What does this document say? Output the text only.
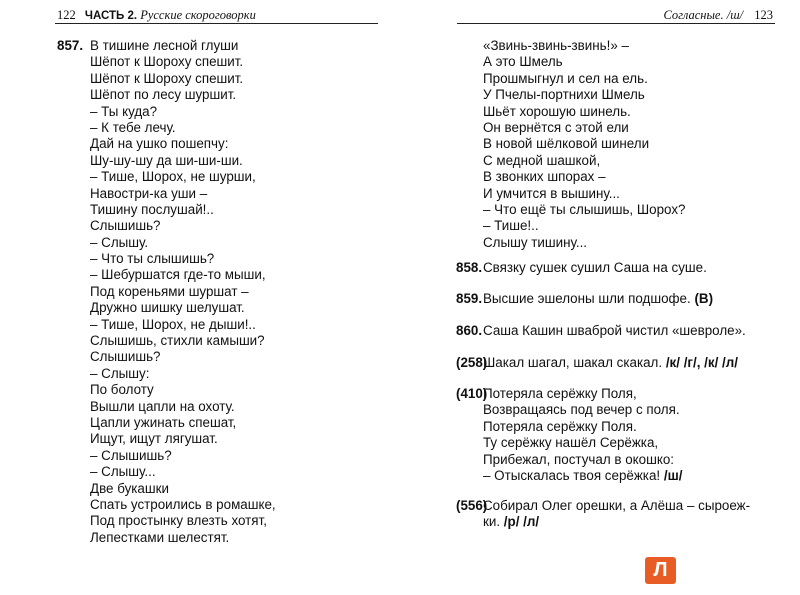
122 ЧАСТЬ 2. Русские скороговорки
857. В тишине лесной глуши
Шёпот к Шороху спешит.
Шёпот к Шороху спешит.
Шёпот по лесу шуршит.
– Ты куда?
– К тебе лечу.
Дай на ушко пошепчу:
Шу-шу-шу да ши-ши-ши.
– Тише, Шорох, не шурши,
Навостри-ка уши –
Тишину послушай!..
Слышишь?
– Слышу.
– Что ты слышишь?
– Шебуршатся где-то мыши,
Под кореньями шуршат –
Дружно шишку шелушат.
– Тише, Шорох, не дыши!..
Слышишь, стихли камыши?
Слышишь?
– Слышу:
По болоту
Вышли цапли на охоту.
Цапли ужинать спешат,
Ищут, ищут лягушат.
– Слышишь?
– Слышу...
Две букашки
Спать устроились в ромашке,
Под простынку влезть хотят,
Лепестками шелестят.
Согласные. /ш/ 123
«Звинь-звинь-звинь!» –
А это Шмель
Прошмыгнул и сел на ель.
У Пчелы-портнихи Шмель
Шьёт хорошую шинель.
Он вернётся с этой ели
В новой шёлковой шинели
С медной шашкой,
В звонких шпорах –
И умчится в вышину...
– Что ещё ты слышишь, Шорох?
– Тише!..
Слышу тишину...
858. Связку сушек сушил Саша на суше.
859. Высшие эшелоны шли подшофе. (В)
860. Саша Кашин шваброй чистил «шевроле».
(258)
Шакал шагал, шакал скакал. /к/ /г/, /к/ /л/
(410)
Потеряла серёжку Поля,
Возвращаясь под вечер с поля.
Потеряла серёжку Поля.
Ту серёжку нашёл Серёжка,
Прибежал, постучал в окошко:
– Отыскалась твоя серёжка! /ш/
(556)
Собирал Олег орешки, а Алёша – сыроеж-
ки. /р/ /л/
Л
